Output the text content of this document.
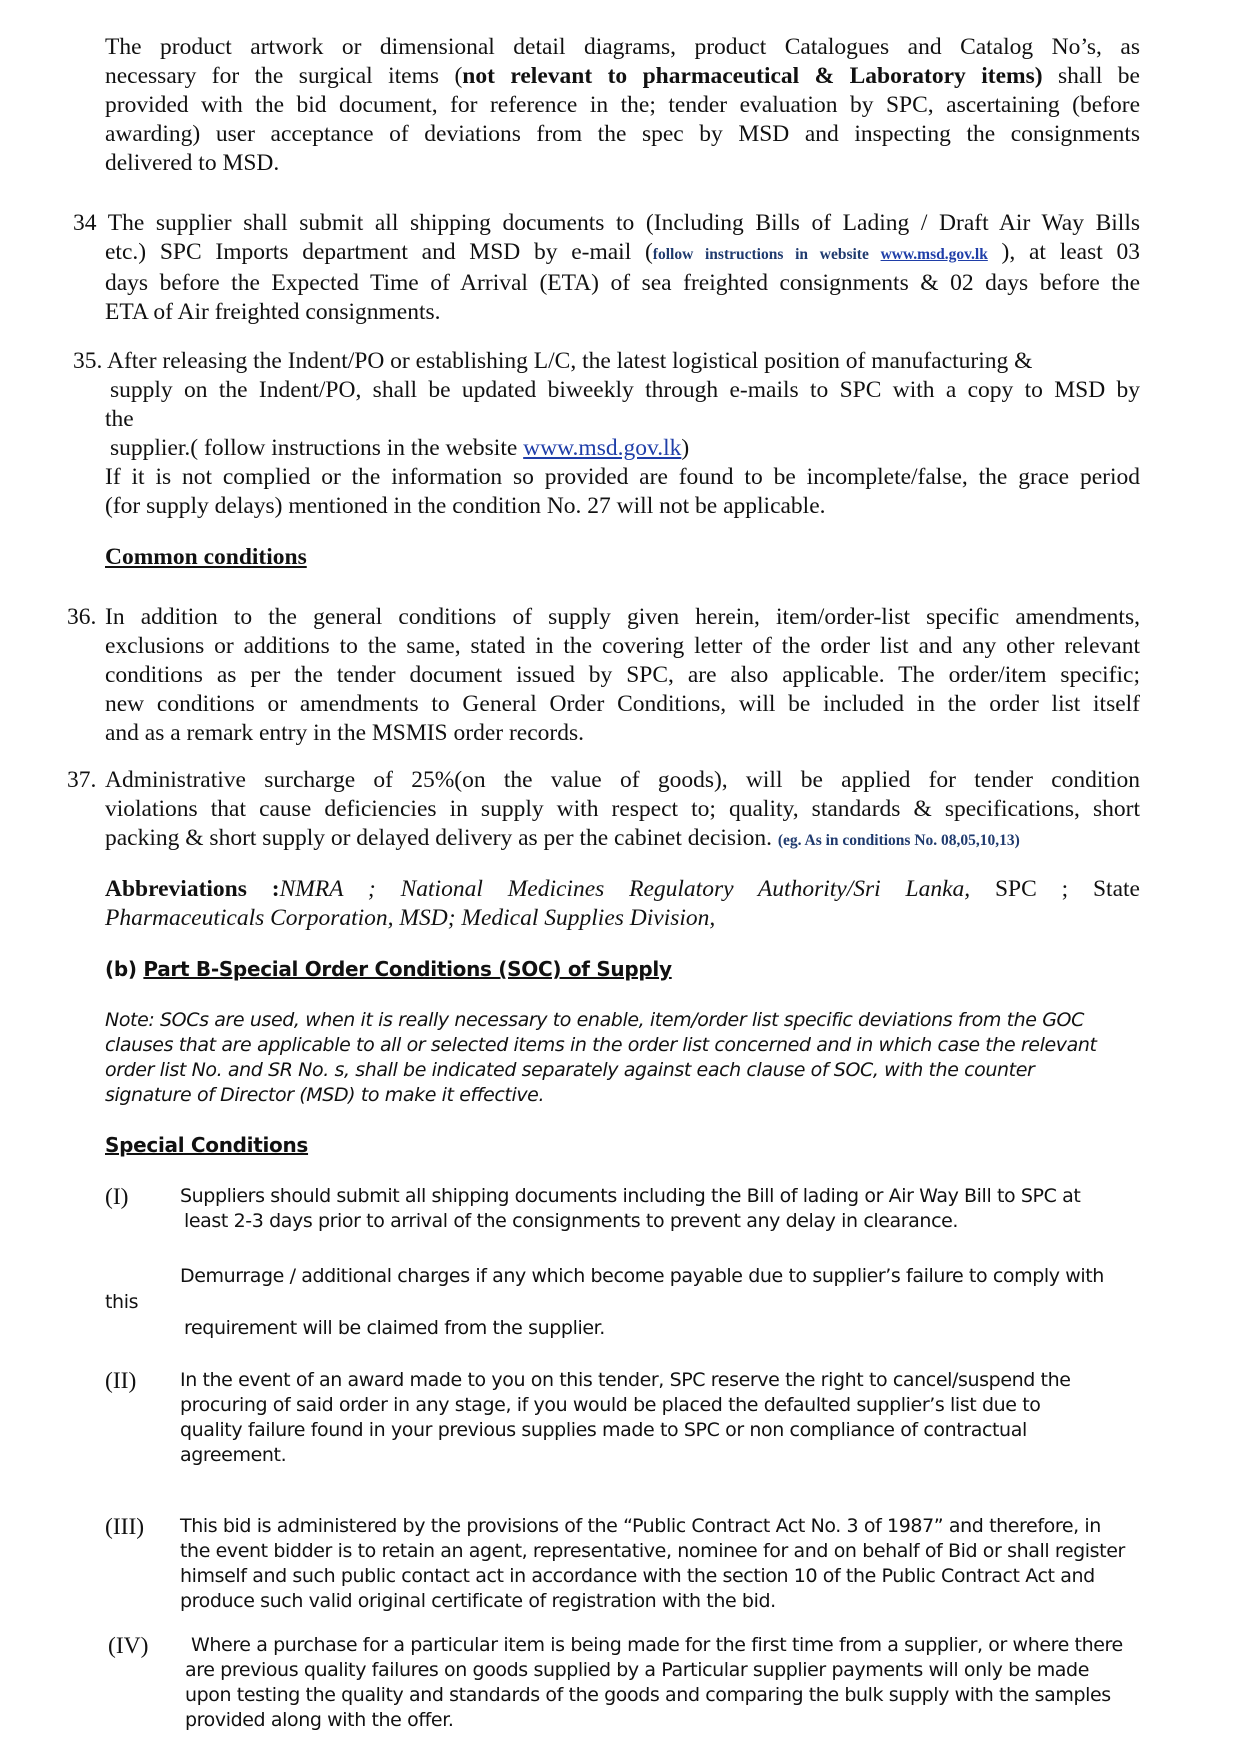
The product artwork or dimensional detail diagrams, product Catalogues and Catalog No’s, as

necessary for the surgical items (not relevant to pharmaceutical & Laboratory items) shall be

provided with the bid document, for reference in the; tender evaluation by SPC, ascertaining (before

awarding) user acceptance of deviations from the spec by MSD and inspecting the consignments

delivered to MSD.

34 The supplier shall submit all shipping documents to (Including Bills of Lading / Draft Air Way Bills

etc.) SPC Imports department and MSD by e-mail (follow instructions in website www.msd.gov.lk ), at least 03

days before the Expected Time of Arrival (ETA) of sea freighted consignments & 02 days before the

ETA of Air freighted consignments.

35. After releasing the Indent/PO or establishing L/C, the latest logistical position of manufacturing &

supply on the Indent/PO, shall be updated biweekly through e-mails to SPC with a copy to MSD by

the

supplier.( follow instructions in the website www.msd.gov.lk)

If it is not complied or the information so provided are found to be incomplete/false, the grace period

(for supply delays) mentioned in the condition No. 27 will not be applicable.

Common conditions
36. In addition to the general conditions of supply given herein, item/order-list specific amendments,

exclusions or additions to the same, stated in the covering letter of the order list and any other relevant

conditions as per the tender document issued by SPC, are also applicable. The order/item specific;

new conditions or amendments to General Order Conditions, will be included in the order list itself

and as a remark entry in the MSMIS order records.

37. Administrative surcharge of 25%(on the value of goods), will be applied for tender condition

violations that cause deficiencies in supply with respect to; quality, standards & specifications, short

packing & short supply or delayed delivery as per the cabinet decision. (eg. As in conditions No. 08,05,10,13)

Abbreviations :NMRA ; National Medicines Regulatory Authority/Sri Lanka, SPC ; State

Pharmaceuticals Corporation, MSD; Medical Supplies Division,

(b) Part B-Special Order Conditions (SOC) of Supply

Note: SOCs are used, when it is really necessary to enable, item/order list specific deviations from the GOC

clauses that are applicable to all or selected items in the order list concerned and in which case the relevant

order list No. and SR No. s, shall be indicated separately against each clause of SOC, with the counter

signature of Director (MSD) to make it effective.

Special Conditions
(I)	Suppliers should submit all shipping documents including the Bill of lading or Air Way Bill to SPC at

least 2-3 days prior to arrival of the consignments to prevent any delay in clearance.

Demurrage / additional charges if any which become payable due to supplier’s failure to comply with
this
requirement will be claimed from the supplier.
(II) In the event of an award made to you on this tender, SPC reserve the right to cancel/suspend the

procuring of said order in any stage, if you would be placed the defaulted supplier’s list due to

quality failure found in your previous supplies made to SPC or non compliance of contractual

agreement.

(III) This bid is administered by the provisions of the “Public Contract Act No. 3 of 1987” and therefore, in

the event bidder is to retain an agent, representative, nominee for and on behalf of Bid or shall register

himself and such public contact act in accordance with the section 10 of the Public Contract Act and

produce such valid original certificate of registration with the bid.

(IV)	Where a purchase for a particular item is being made for the first time from a supplier, or where there

are previous quality failures on goods supplied by a Particular supplier payments will only be made

upon testing the quality and standards of the goods and comparing the bulk supply with the samples

provided along with the offer.
